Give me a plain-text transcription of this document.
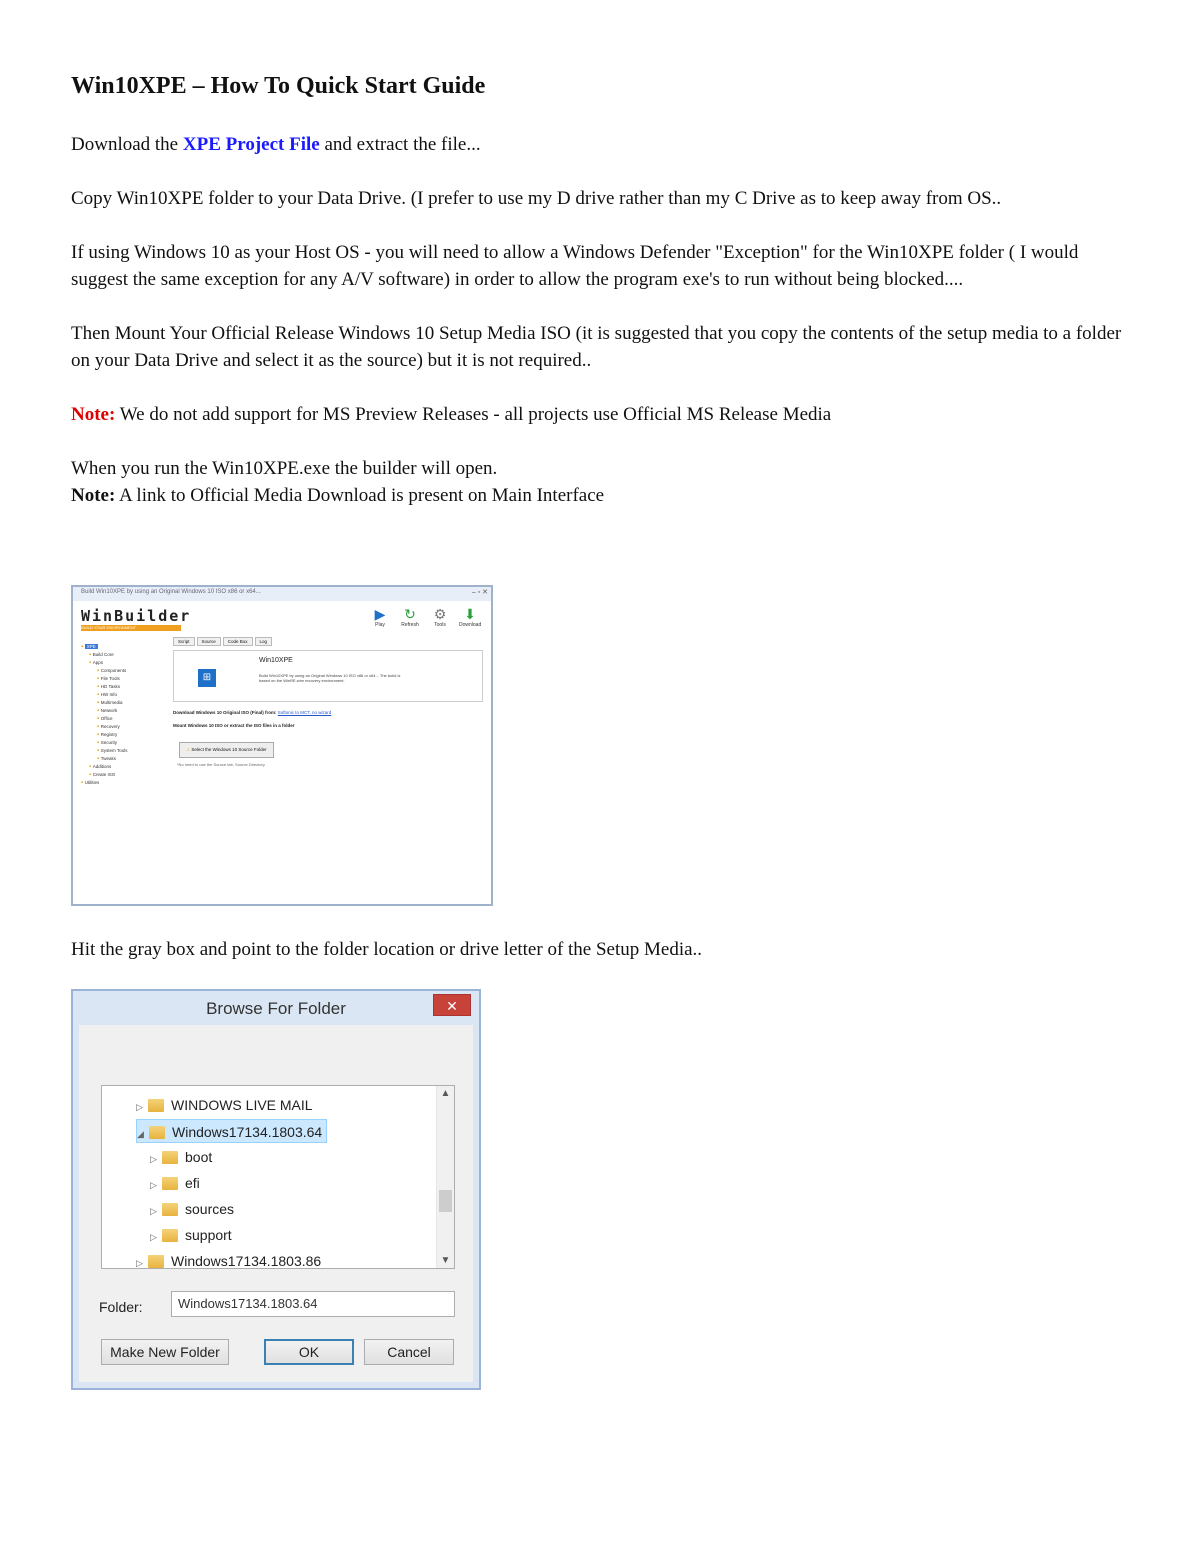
Win10XPE – How To Quick Start Guide

Download the XPE Project File and extract the file...

Copy Win10XPE folder to your Data Drive. (I prefer to use my D drive rather than my C Drive as to keep away from OS..

If using Windows 10 as your Host OS - you will need to allow a Windows Defender "Exception" for the Win10XPE folder ( I would suggest the same exception for any A/V software) in order to allow the program exe's to run without being blocked....

Then Mount Your Official Release Windows 10 Setup Media ISO (it is suggested that you copy the contents of the setup media to a folder on your Data Drive and select it as the source) but it is not required..

Note: We do not add support for MS Preview Releases - all projects use Official MS Release Media

When you run the Win10XPE.exe the builder will open.

Note: A link to Official Media Download is present on Main Interface

Build Win10XPE by using an Original Windows 10 ISO x86 or x64...	– ▫ ✕
WinBuilder
BUILD YOUR ENVIRONMENT
▶
Play
↻
Refresh
⚙
Tools
⬇
Download
▪ XPE
▪ Build Core
▪ Apps
▪ Components
▪ File Tools
▪ HD Tasks
▪ HW Info
▪ Multimedia
▪ Network
▪ Office
▪ Recovery
▪ Registry
▪ Security
▪ System Tools
▪ Tweaks
▪ Additions
▪ Create ISO
▪ Utilities
Script	Source	Code Box	Log
⊞
Win10XPE
Build Win10XPE by using an Original Windows 10 ISO x86 or x64... The build is based on the WinRE.wim recovery environment.
Download Windows 10 Original ISO (Final) from: Softonic to MCT, no wizard
Mount Windows 10 ISO or extract the ISO files in a folder
⚠ Select the Windows 10 Source Folder
*No need to use the Source tab, Source Directory

Hit the gray box and point to the folder location or drive letter of the Setup Media..

Browse For Folder	✕
▲
▼
▷ WINDOWS LIVE MAIL
◢ Windows17134.1803.64
▷ boot
▷ efi
▷ sources
▷ support
▷ Windows17134.1803.86
Folder:	Windows17134.1803.64
Make New Folder	OK	Cancel
